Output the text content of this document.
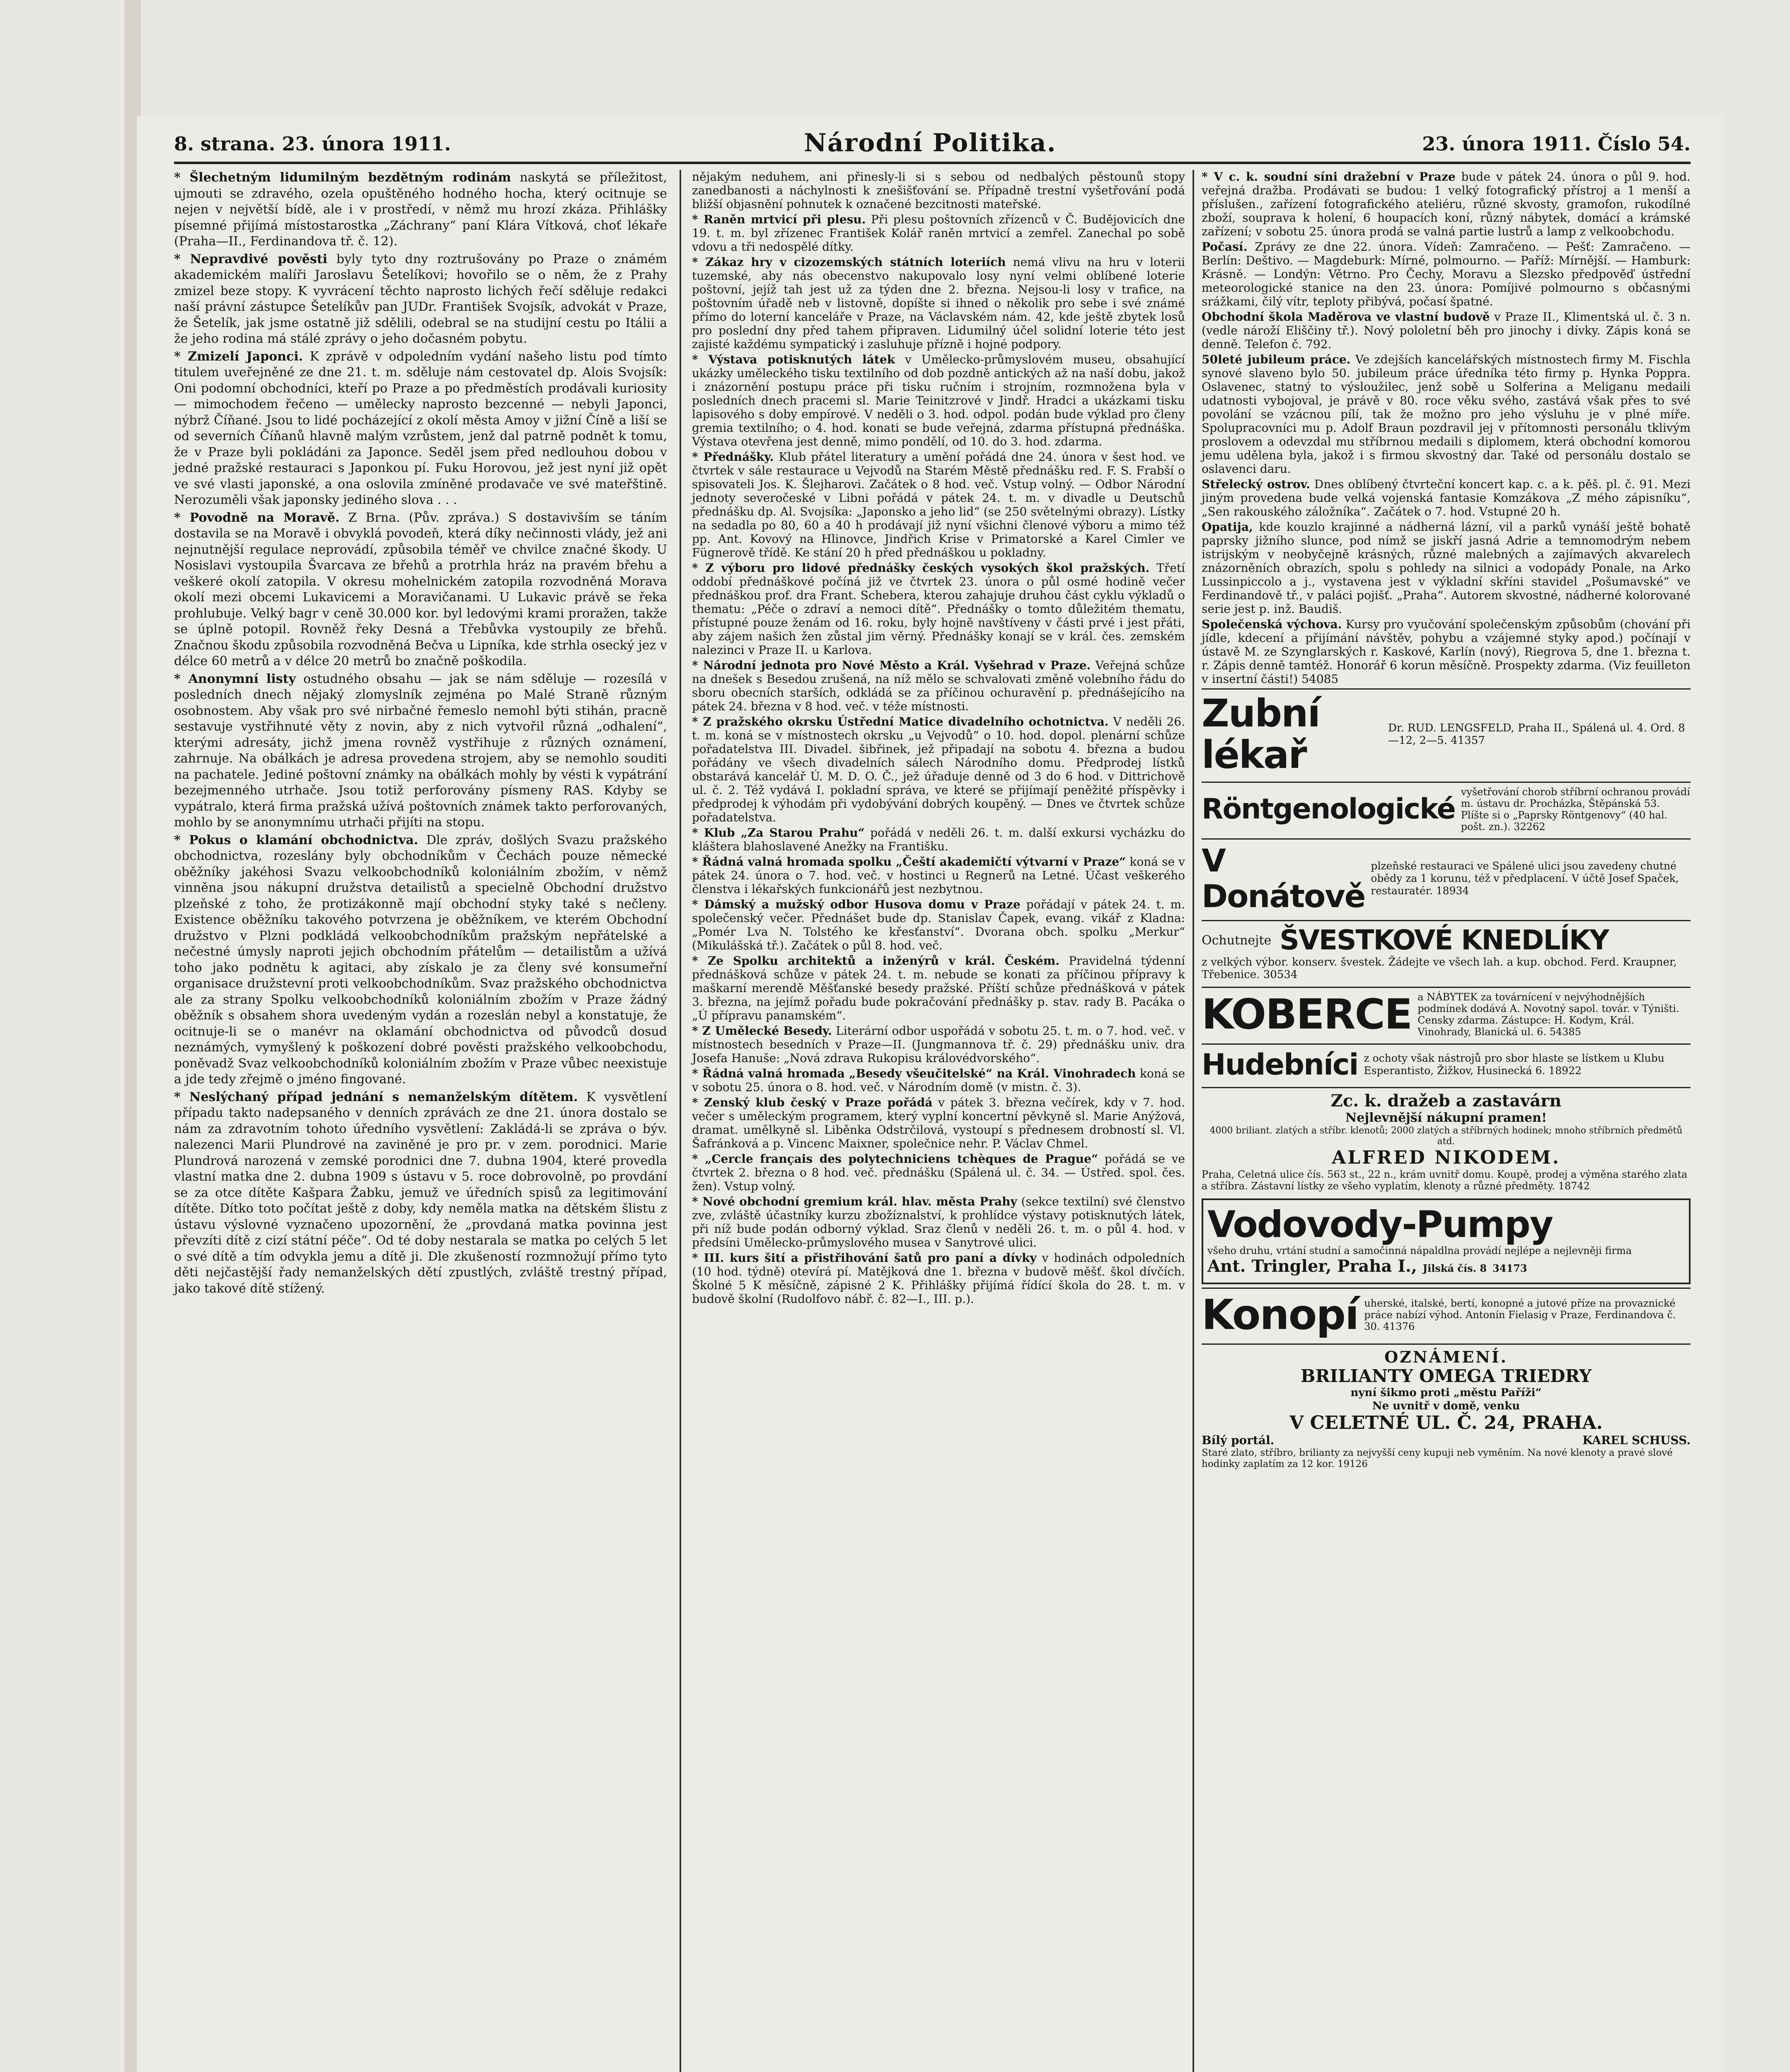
8. strana. 23. února 1911.	Národní Politika.	23. února 1911. Číslo 54.

* Šlechetným lidumilným bezdětným rodinám naskytá se příležitost, ujmouti se zdravého, ozela opuštěného hodného hocha, který ocitnuje se nejen v největší bídě, ale i v prostředí, v němž mu hrozí zkáza. Přihlášky písemné přijímá místostarostka „Záchrany“ paní Klára Vítková, choť lékaře (Praha—II., Ferdinandova tř. č. 12).

* Nepravdivé pověsti byly tyto dny roztrušovány po Praze o známém akademickém malíři Jaroslavu Šetelíkovi; hovořilo se o něm, že z Prahy zmizel beze stopy. K vyvrácení těchto naprosto lichých řečí sděluje redakci naší právní zástupce Šetelíkův pan JUDr. František Svojsík, advokát v Praze, že Šetelík, jak jsme ostatně již sdělili, odebral se na studijní cestu po Itálii a že jeho rodina má stálé zprávy o jeho dočasném pobytu.

* Zmizelí Japonci. K zprávě v odpoledním vydání našeho listu pod tímto titulem uveřejněné ze dne 21. t. m. sděluje nám cestovatel dp. Alois Svojsík: Oni podomní obchodníci, kteří po Praze a po předměstích prodávali kuriosity — mimochodem řečeno — umělecky naprosto bezcenné — nebyli Japonci, nýbrž Číňané. Jsou to lidé pocházející z okolí města Amoy v jižní Číně a liší se od severních Číňanů hlavně malým vzrůstem, jenž dal patrně podnět k tomu, že v Praze byli pokládáni za Japonce. Seděl jsem před nedlouhou dobou v jedné pražské restauraci s Japonkou pí. Fuku Horovou, jež jest nyní již opět ve své vlasti japonské, a ona oslovila zmíněné prodavače ve své mateřštině. Nerozuměli však japonsky jediného slova . . .

* Povodně na Moravě. Z Brna. (Pův. zpráva.) S dostavivším se táním dostavila se na Moravě i obvyklá povodeň, která díky nečinnosti vlády, jež ani nejnutnější regulace neprovádí, způsobila téměř ve chvilce značné škody. U Nosislavi vystoupila Švarcava ze břehů a protrhla hráz na pravém břehu a veškeré okolí zatopila. V okresu mohelnickém zatopila rozvodněná Morava okolí mezi obcemi Lukavicemi a Moravičanami. U Lukavic právě se řeka prohlubuje. Velký bagr v ceně 30.000 kor. byl ledovými krami proražen, takže se úplně potopil. Rovněž řeky Desná a Třebůvka vystoupily ze břehů. Značnou škodu způsobila rozvodněná Bečva u Lipníka, kde strhla osecký jez v délce 60 metrů a v délce 20 metrů bo značně poškodila.

* Anonymní listy ostudného obsahu — jak se nám sděluje — rozesílá v posledních dnech nějaký zlomyslník zejména po Malé Straně různým osobnostem. Aby však pro své nirbačné řemeslo nemohl býti stihán, pracně sestavuje vystřihnuté věty z novin, aby z nich vytvořil různá „odhalení“, kterými adresáty, jichž jmena rovněž vystřihuje z různých oznámení, zahrnuje. Na obálkách je adresa provedena strojem, aby se nemohlo souditi na pachatele. Jediné poštovní známky na obálkách mohly by vésti k vypátrání bezejmenného utrhače. Jsou totiž perforovány písmeny RAS. Kdyby se vypátralo, která firma pražská užívá poštovních známek takto perforovaných, mohlo by se anonymnímu utrhači přijíti na stopu.

* Pokus o klamání obchodnictva. Dle zpráv, došlých Svazu pražského obchodnictva, rozeslány byly obchodníkům v Čechách pouze německé oběžníky jakéhosi Svazu velkoobchodníků koloniálním zbožím, v němž vinněna jsou nákupní družstva detailistů a specielně Obchodní družstvo plzeňské z toho, že protizákonně mají obchodní styky také s nečleny. Existence oběžníku takového potvrzena je oběžníkem, ve kterém Obchodní družstvo v Plzni podkládá velkoobchodníkům pražským nepřátelské a nečestné úmysly naproti jejich obchodním přátelům — detailistům a užívá toho jako podnětu k agitaci, aby získalo je za členy své konsumeřní organisace družstevní proti velkoobchodníkům. Svaz pražského obchodnictva ale za strany Spolku velkoobchodníků koloniálním zbožím v Praze žádný oběžník s obsahem shora uvedeným vydán a rozeslán nebyl a konstatuje, že ocitnuje-li se o manévr na oklamání obchodnictva od původců dosud neznámých, vymyšlený k poškození dobré pověsti pražského velkoobchodu, poněvadž Svaz velkoobchodníků koloniálním zbožím v Praze vůbec neexistuje a jde tedy zřejmě o jméno fingované.

* Neslýchaný případ jednání s nemanželským dítětem. K vysvětlení případu takto nadepsaného v denních zprávách ze dne 21. února dostalo se nám za zdravotním tohoto úředního vysvětlení: Zakládá-li se zpráva o býv. nalezenci Marii Plundrové na zaviněné je pro pr. v zem. porodnici. Marie Plundrová narozená v zemské porodnici dne 7. dubna 1904, které provedla vlastní matka dne 2. dubna 1909 s ústavu v 5. roce dobrovolně, po provdání se za otce dítěte Kašpara Žabku, jemuž ve úředních spisů za legitimování dítěte. Dítko toto počítat ještě z doby, kdy neměla matka na dětském šlistu z ústavu výslovné vyznačeno upozornění, že „provdaná matka povinna jest převzíti dítě z cizí státní péče“. Od té doby nestarala se matka po celých 5 let o své dítě a tím odvykla jemu a dítě ji. Dle zkušeností rozmnožují přímo tyto děti nejčastější řady nemanželských dětí zpustlých, zvláště trestný případ, jako takové dítě stížený.

nějakým neduhem, ani přinesly-li si s sebou od nedbalých pěstounů stopy zanedbanosti a náchylnosti k znešišťování se. Případně trestní vyšetřování podá bližší objasnění pohnutek k označené bezcitnosti mateřské.

* Raněn mrtvicí při plesu. Při plesu poštovních zřízenců v Č. Budějovicích dne 19. t. m. byl zřízenec František Kolář raněn mrtvicí a zemřel. Zanechal po sobě vdovu a tři nedospělé dítky.

* Zákaz hry v cizozemských státních loteriích nemá vlivu na hru v loterii tuzemské, aby nás obecenstvo nakupovalo losy nyní velmi oblíbené loterie poštovní, jejíž tah jest už za týden dne 2. března. Nejsou-li losy v trafice, na poštovním úřadě neb v listovně, dopíšte si ihned o několik pro sebe i své známé přímo do loterní kanceláře v Praze, na Václavském nám. 42, kde ještě zbytek losů pro poslední dny před tahem připraven. Lidumilný účel solidní loterie této jest zajisté každému sympatický i zasluhuje přízně i hojné podpory.

* Výstava potisknutých látek v Umělecko-průmyslovém museu, obsahující ukázky uměleckého tisku textilního od dob pozdně antických až na naší dobu, jakož i znázornění postupu práce při tisku ručním i strojním, rozmnožena byla v posledních dnech pracemi sl. Marie Teinitzrové v Jindř. Hradci a ukázkami tisku lapisového s doby empírové. V neděli o 3. hod. odpol. podán bude výklad pro členy gremia textilního; o 4. hod. konati se bude veřejná, zdarma přístupná přednáška. Výstava otevřena jest denně, mimo pondělí, od 10. do 3. hod. zdarma.

* Přednášky. Klub přátel literatury a umění pořádá dne 24. února v šest hod. ve čtvrtek v sále restaurace u Vejvodů na Starém Městě přednášku red. F. S. Frabší o spisovateli Jos. K. Šlejharovi. Začátek o 8 hod. več. Vstup volný. — Odbor Národní jednoty severočeské v Libni pořádá v pátek 24. t. m. v divadle u Deutschů přednášku dp. Al. Svojsíka: „Japonsko a jeho lid“ (se 250 světelnými obrazy). Lístky na sedadla po 80, 60 a 40 h prodávají již nyní všichni členové výboru a mimo též pp. Ant. Kovový na Hlinovce, Jindřich Krise v Primatorské a Karel Cimler ve Fügnerově třídě. Ke stání 20 h před přednáškou u pokladny.

* Z výboru pro lidové přednášky českých vysokých škol pražských. Třetí oddobí přednáškové počíná již ve čtvrtek 23. února o půl osmé hodině večer přednáškou prof. dra Frant. Schebera, kterou zahajuje druhou část cyklu výkladů o thematu: „Péče o zdraví a nemoci dítě“. Přednášky o tomto důležitém thematu, přístupné pouze ženám od 16. roku, byly hojně navštíveny v části prvé i jest přáti, aby zájem našich žen zůstal jim věrný. Přednášky konají se v král. čes. zemském nalezinci v Praze II. u Karlova.

* Národní jednota pro Nové Město a Král. Vyšehrad v Praze. Veřejná schůze na dnešek s Besedou zrušená, na níž mělo se schvalovati změně volebního řádu do sboru obecních starších, odkládá se za příčinou ochuravění p. přednášejícího na pátek 24. března v 8 hod. več. v téže místnosti.

* Z pražského okrsku Ústřední Matice divadelního ochotnictva. V neděli 26. t. m. koná se v místnostech okrsku „u Vejvodů“ o 10. hod. dopol. plenární schůze pořadatelstva III. Divadel. šibřinek, jež připadají na sobotu 4. března a budou pořádány ve všech divadelních sálech Národního domu. Předprodej lístků obstarává kancelář Ú. M. D. O. Č., jež úřaduje denně od 3 do 6 hod. v Dittrichově ul. č. 2. Též vydává I. pokladní správa, ve které se přijímají peněžité příspěvky i předprodej k výhodám při vydobývání dobrých koupěný. — Dnes ve čtvrtek schůze pořadatelstva.

* Klub „Za Starou Prahu“ pořádá v neděli 26. t. m. další exkursi vycházku do kláštera blahoslavené Anežky na Františku.

* Řádná valná hromada spolku „Čeští akademičtí výtvarní v Praze“ koná se v pátek 24. února o 7. hod. več. v hostinci u Regnerů na Letné. Účast veškerého členstva i lékařských funkcionářů jest nezbytnou.

* Dámský a mužský odbor Husova domu v Praze pořádají v pátek 24. t. m. společenský večer. Přednášet bude dp. Stanislav Čapek, evang. vikář z Kladna: „Pomér Lva N. Tolstého ke křesťanství“. Dvorana obch. spolku „Merkur“ (Mikulášská tř.). Začátek o půl 8. hod. več.

* Ze Spolku architektů a inženýrů v král. Českém. Pravidelná týdenní přednášková schůze v pátek 24. t. m. nebude se konati za příčinou přípravy k maškarní merendě Měšťanské besedy pražské. Příští schůze přednášková v pátek 3. března, na jejímž pořadu bude pokračování přednášky p. stav. rady B. Pacáka o „Ú přípravu panamském“.

* Z Umělecké Besedy. Literární odbor uspořádá v sobotu 25. t. m. o 7. hod. več. v místnostech besedních v Praze—II. (Jungmannova tř. č. 29) přednášku univ. dra Josefa Hanuše: „Nová zdrava Rukopisu královédvorského“.

* Řádná valná hromada „Besedy všeučitelské“ na Král. Vinohradech koná se v sobotu 25. února o 8. hod. več. v Národním domě (v mistn. č. 3).

* Zenský klub český v Praze pořádá v pátek 3. března večírek, kdy v 7. hod. večer s uměleckým programem, který vyplní koncertní pěvkyně sl. Marie Anýžová, dramat. umělkyně sl. Liběnka Odstrčilová, vystoupí s přednesem drobností sl. Vl. Šafránková a p. Vincenc Maixner, společnice nehr. P. Václav Chmel.

* „Cercle français des polytechniciens tchèques de Prague“ pořádá se ve čtvrtek 2. března o 8 hod. več. přednášku (Spálená ul. č. 34. — Ústřed. spol. čes. žen). Vstup volný.

* Nové obchodní gremium král. hlav. města Prahy (sekce textilní) své členstvo zve, zvláště účastníky kurzu zbožíznalství, k prohlídce výstavy potisknutých látek, při níž bude podán odborný výklad. Sraz členů v neděli 26. t. m. o půl 4. hod. v předsíni Umělecko-průmyslového musea v Sanytrové ulici.

* III. kurs šití a přistřihování šatů pro paní a dívky v hodinách odpoledních (10 hod. týdně) otevírá pí. Matějková dne 1. března v budově měšť. škol dívčích. Školné 5 K měsíčně, zápisné 2 K. Přihlášky přijímá řídící škola do 28. t. m. v budově školní (Rudolfovo nábř. č. 82—I., III. p.).

* V c. k. soudní síni dražební v Praze bude v pátek 24. února o půl 9. hod. veřejná dražba. Prodávati se budou: 1 velký fotografický přístroj a 1 menší a příslušen., zařízení fotografického ateliéru, různé skvosty, gramofon, rukodílné zboží, souprava k holení, 6 houpacích koní, různý nábytek, domácí a krámské zařízení; v sobotu 25. února prodá se valná partie lustrů a lamp z velkoobchodu.

Počasí. Zprávy ze dne 22. února. Vídeň: Zamračeno. — Pešť: Zamračeno. — Berlín: Deštivo. — Magdeburk: Mírné, polmourno. — Paříž: Mírnější. — Hamburk: Krásně. — Londýn: Větrno. Pro Čechy, Moravu a Slezsko předpověď ústřední meteorologické stanice na den 23. února: Pomíjivé polmourno s občasnými srážkami, čilý vítr, teploty přibývá, počasí špatné.

Obchodní škola Maděrova ve vlastní budově v Praze II., Klimentská ul. č. 3 n. (vedle nároží Eliščiny tř.). Nový pololetní běh pro jinochy i dívky. Zápis koná se denně. Telefon č. 792.

50leté jubileum práce. Ve zdejších kancelářských místnostech firmy M. Fischla synové slaveno bylo 50. jubileum práce úředníka této firmy p. Hynka Poppra. Oslavenec, statný to výsloužilec, jenž sobě u Solferina a Meliganu medaili udatnosti vybojoval, je právě v 80. roce věku svého, zastává však přes to své povolání se vzácnou pílí, tak že možno pro jeho výsluhu je v plné míře. Spolupracovníci mu p. Adolf Braun pozdravil jej v přítomnosti personálu tklivým proslovem a odevzdal mu stříbrnou medaili s diplomem, která obchodní komorou jemu udělena byla, jakož i s firmou skvostný dar. Také od personálu dostalo se oslavenci daru.

Střelecký ostrov. Dnes oblíbený čtvrteční koncert kap. c. a k. pěš. pl. č. 91. Mezi jiným provedena bude velká vojenská fantasie Komzákova „Z mého zápisníku“, „Sen rakouského záložníka“. Začátek o 7. hod. Vstupné 20 h.

Opatija, kde kouzlo krajinné a nádherná lázní, vil a parků vynáší ještě bohatě paprsky jižního slunce, pod nímž se jiskří jasná Adrie a temnomodrým nebem istrijským v neobyčejně krásných, různé malebných a zajímavých akvarelech znázorněních obrazích, spolu s pohledy na silnici a vodopády Ponale, na Arko Lussinpiccolo a j., vystavena jest v výkladní skříni stavidel „Pošumavské“ ve Ferdinandově tř., v paláci pojišť. „Praha“. Autorem skvostné, nádherné kolorované serie jest p. inž. Baudiš.

Společenská výchova. Kursy pro vyučování společenským způsobům (chování při jídle, kdecení a přijímání návštěv, pohybu a vzájemné styky apod.) počínají v ústavě M. ze Szynglarských r. Kaskové, Karlín (nový), Riegrova 5, dne 1. března t. r. Zápis denně tamtéž. Honorář 6 korun měsíčně. Prospekty zdarma. (Viz feuilleton v insertní části!) 54085

Zubní lékař
Dr. RUD. LENGSFELD, Praha II., Spálená ul. 4. Ord. 8—12, 2—5. 41357
Röntgenologické
vyšetřování chorob stříbrní ochranou provádí m. ústavu dr. Procházka, Štěpánská 53. Plíšte si o „Paprsky Röntgenovy“ (40 hal. pošt. zn.). 32262
V Donátově
plzeňské restauraci ve Spálené ulici jsou zavedeny chutné obědy za 1 korunu, též v předplacení. V účtě Josef Spaček, restauratér. 18934
Ochutnejte ŠVESTKOVÉ KNEDLÍKY
z velkých výbor. konserv. švestek. Žádejte ve všech lah. a kup. obchod. Ferd. Kraupner, Třebenice. 30534
KOBERCE a NÁBYTEK za továrnícení v nejvýhodnějších podmínek dodává A. Novotný sapol. továr. v Týništi. Censky zdarma. Zástupce: H. Kodym, Král. Vinohrady, Blanická ul. 6. 54385
Hudebníci z ochoty však nástrojů pro sbor hlaste se lístkem u Klubu Esperantisto, Žižkov, Husinecká 6. 18922
Zc. k. dražeb a zastavárn
Nejlevnější nákupní pramen!
4000 briliant. zlatých a stříbr. klenotů; 2000 zlatých a stříbrných hodinek; mnoho stříbrních předmětů atd.
ALFRED NIKODEM.
Praha, Celetná ulice čís. 563 st., 22 n., krám uvnitř domu. Koupě, prodej a výměna starého zlata a stříbra. Zástavní lístky ze všeho vyplatím, klenoty a různé předměty. 18742
Vodovody-Pumpy
všeho druhu, vrtání studní a samočinná nápaldlna provádí nejlépe a nejlevněji firma
Ant. Tringler, Praha I., Jilská čís. 8 34173
Konopí uherské, italské, bertí, konopné a jutové příze na provaznické práce nabízí výhod. Antonín Fielasig v Praze, Ferdinandova č. 30. 41376
OZNÁMENÍ.
BRILIANTY OMEGA TRIEDRY
nyní šikmo proti „městu Paříži“
Ne uvnitř v domě, venku
V CELETNÉ UL. Č. 24, PRAHA.
Bílý portál.	KAREL SCHUSS.
Staré zlato, stříbro, brilianty za nejvyšší ceny kupuji neb vyměním. Na nové klenoty a pravé slové hodinky zaplatím za 12 kor. 19126
